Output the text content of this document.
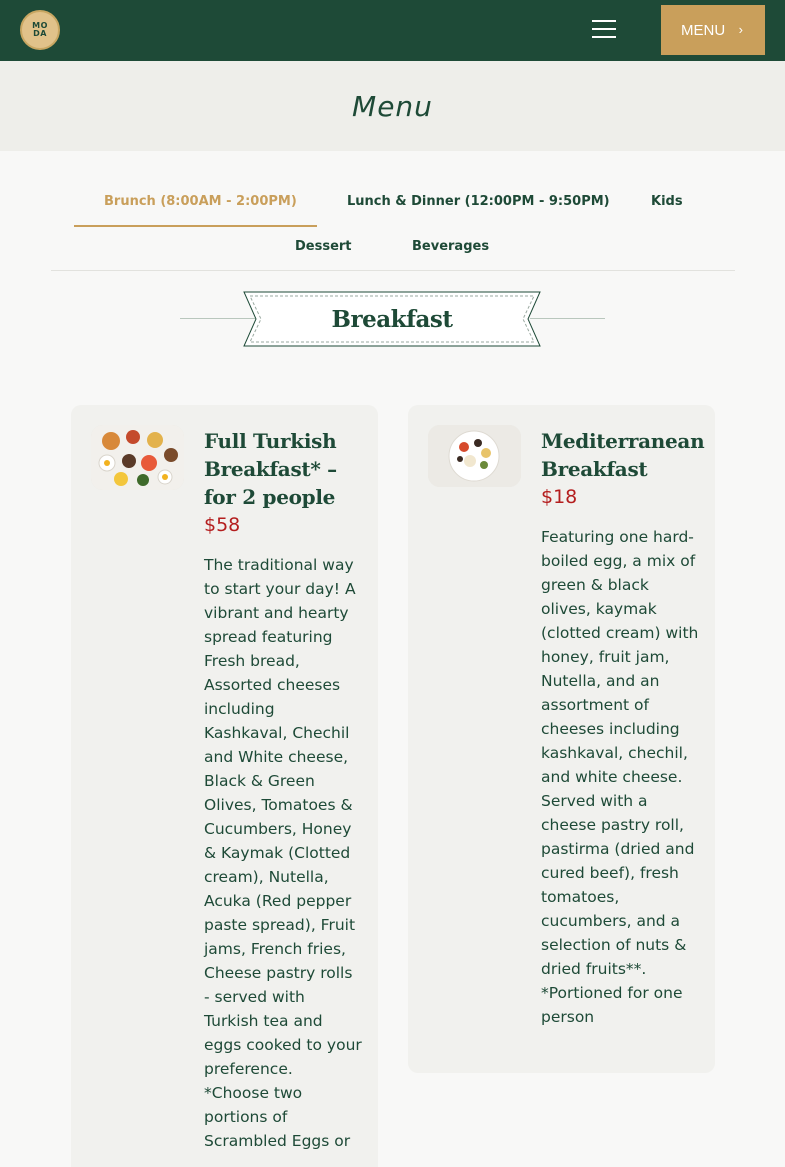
MO
DA	MENU ›
Menu
Brunch (8:00AM - 2:00PM)	Lunch & Dinner (12:00PM - 9:50PM)	Kids
Dessert	Beverages
Breakfast
Full Turkish Breakfast* – for 2 people
$58
The traditional way to start your day! A vibrant and hearty spread featuring Fresh bread, Assorted cheeses including Kashkaval, Chechil and White cheese, Black & Green Olives, Tomatoes & Cucumbers, Honey & Kaymak (Clotted cream), Nutella, Acuka (Red pepper paste spread), Fruit jams, French fries, Cheese pastry rolls - served with Turkish tea and eggs cooked to your preference. *Choose two portions of Scrambled Eggs or
Mediterranean Breakfast
$18
Featuring one hard-boiled egg, a mix of green & black olives, kaymak (clotted cream) with honey, fruit jam, Nutella, and an assortment of cheeses including kashkaval, chechil, and white cheese. Served with a cheese pastry roll, pastirma (dried and cured beef), fresh tomatoes, cucumbers, and a selection of nuts & dried fruits**. *Portioned for one person
